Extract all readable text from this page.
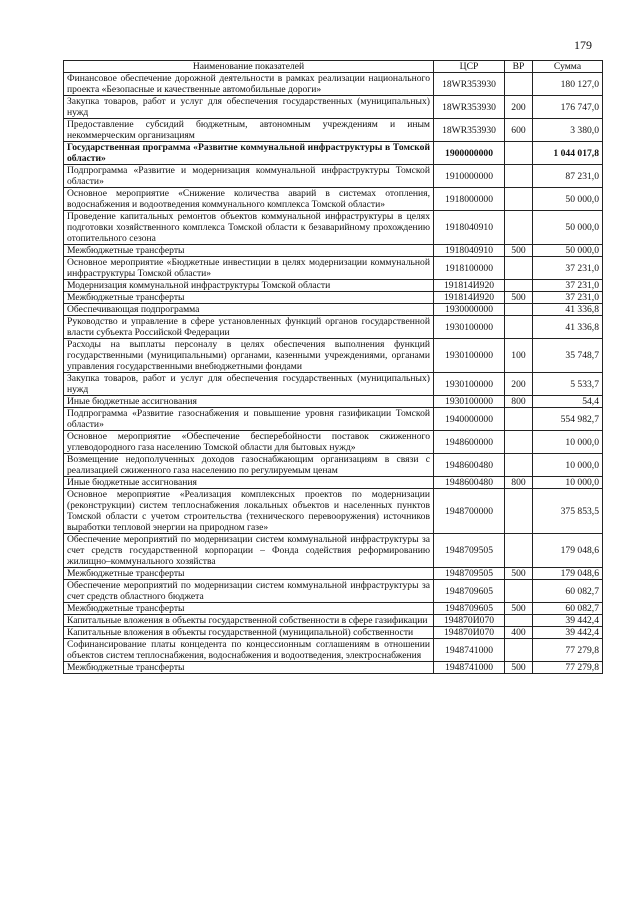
179
Наименование показателей	ЦСР	ВР	Сумма
Финансовое обеспечение дорожной деятельности в рамках реализации национального проекта «Безопасные и качественные автомобильные дороги»	18WR353930		180 127,0
Закупка товаров, работ и услуг для обеспечения государственных (муниципальных) нужд	18WR353930	200	176 747,0
Предоставление субсидий бюджетным, автономным учреждениям и иным некоммерческим организациям	18WR353930	600	3 380,0
Государственная программа «Развитие коммунальной инфраструктуры в Томской области»	1900000000		1 044 017,8
Подпрограмма «Развитие и модернизация коммунальной инфраструктуры Томской области»	1910000000		87 231,0
Основное мероприятие «Снижение количества аварий в системах отопления, водоснабжения и водоотведения коммунального комплекса Томской области»	1918000000		50 000,0
Проведение капитальных ремонтов объектов коммунальной инфраструктуры в целях подготовки хозяйственного комплекса Томской области к безаварийному прохождению отопительного сезона	1918040910		50 000,0
Межбюджетные трансферты	1918040910	500	50 000,0
Основное мероприятие «Бюджетные инвестиции в целях модернизации коммунальной инфраструктуры Томской области»	1918100000		37 231,0
Модернизация коммунальной инфраструктуры Томской области	191814И920		37 231,0
Межбюджетные трансферты	191814И920	500	37 231,0
Обеспечивающая подпрограмма	1930000000		41 336,8
Руководство и управление в сфере установленных функций органов государственной власти субъекта Российской Федерации	1930100000		41 336,8
Расходы на выплаты персоналу в целях обеспечения выполнения функций государственными (муниципальными) органами, казенными учреждениями, органами управления государственными внебюджетными фондами	1930100000	100	35 748,7
Закупка товаров, работ и услуг для обеспечения государственных (муниципальных) нужд	1930100000	200	5 533,7
Иные бюджетные ассигнования	1930100000	800	54,4
Подпрограмма «Развитие газоснабжения и повышение уровня газификации Томской области»	1940000000		554 982,7
Основное мероприятие «Обеспечение бесперебойности поставок сжиженного углеводородного газа населению Томской области для бытовых нужд»	1948600000		10 000,0
Возмещение недополученных доходов газоснабжающим организациям в связи с реализацией сжиженного газа населению по регулируемым ценам	1948600480		10 000,0
Иные бюджетные ассигнования	1948600480	800	10 000,0
Основное мероприятие «Реализация комплексных проектов по модернизации (реконструкции) систем теплоснабжения локальных объектов и населенных пунктов Томской области с учетом строительства (технического перевооружения) источников выработки тепловой энергии на природном газе»	1948700000		375 853,5
Обеспечение мероприятий по модернизации систем коммунальной инфраструктуры за счет средств государственной корпорации – Фонда содействия реформированию жилищно–коммунального хозяйства	1948709505		179 048,6
Межбюджетные трансферты	1948709505	500	179 048,6
Обеспечение мероприятий по модернизации систем коммунальной инфраструктуры за счет средств областного бюджета	1948709605		60 082,7
Межбюджетные трансферты	1948709605	500	60 082,7
Капитальные вложения в объекты государственной собственности в сфере газификации	194870И070		39 442,4
Капитальные вложения в объекты государственной (муниципальной) собственности	194870И070	400	39 442,4
Софинансирование платы концедента по концессионным соглашениям в отношении объектов систем теплоснабжения, водоснабжения и водоотведения, электроснабжения	1948741000		77 279,8
Межбюджетные трансферты	1948741000	500	77 279,8
